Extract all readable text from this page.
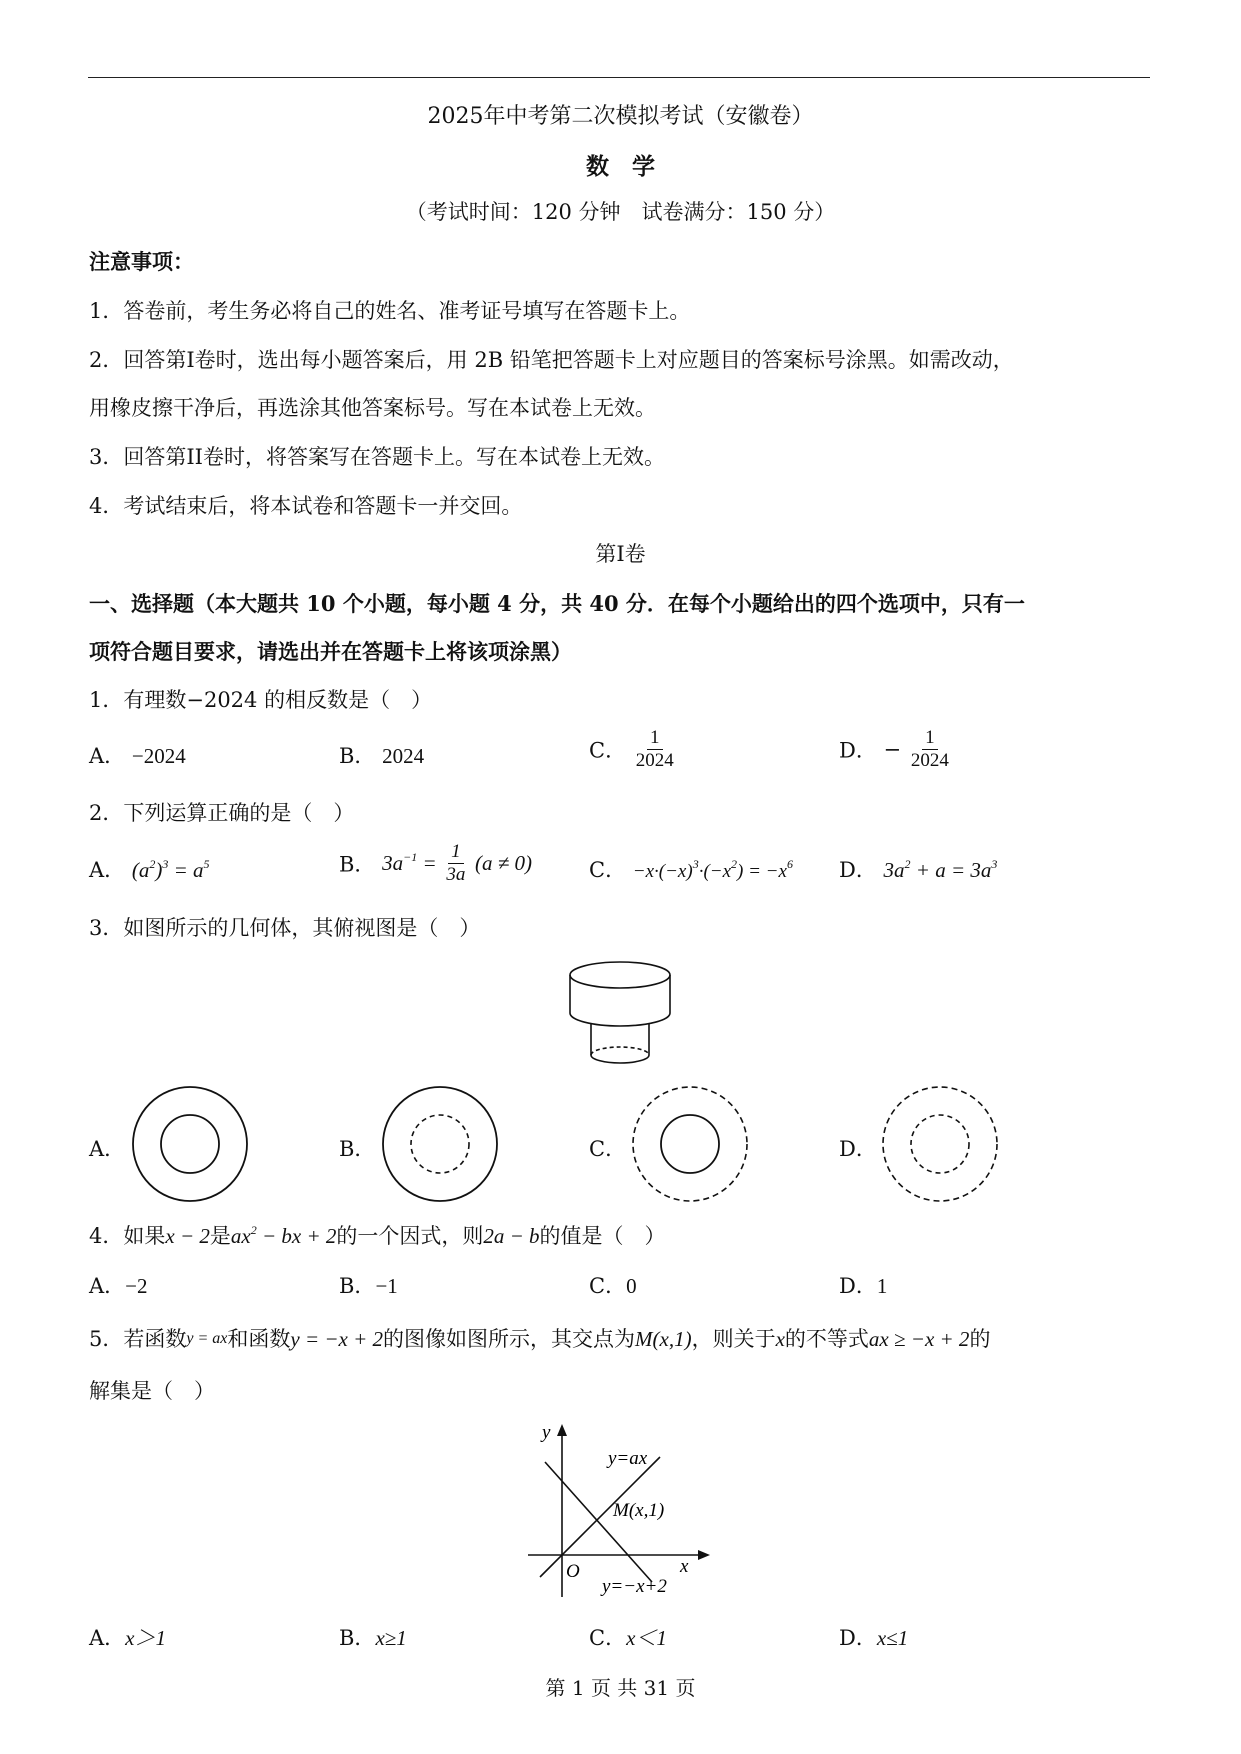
2025年中考第二次模拟考试（安徽卷）
数　学
（考试时间：120 分钟　试卷满分：150 分）
注意事项：
1．答卷前，考生务必将自己的姓名、准考证号填写在答题卡上。
2．回答第I卷时，选出每小题答案后，用 2B 铅笔把答题卡上对应题目的答案标号涂黑。如需改动，
用橡皮擦干净后，再选涂其他答案标号。写在本试卷上无效。
3．回答第II卷时，将答案写在答题卡上。写在本试卷上无效。
4．考试结束后，将本试卷和答题卡一并交回。
第I卷
一、选择题（本大题共 10 个小题，每小题 4 分，共 40 分．在每个小题给出的四个选项中，只有一
项符合题目要求，请选出并在答题卡上将该项涂黑）
1．有理数−2024 的相反数是（　）
A． −2024	B． 2024	C． $\frac{1}{2024}$	D． − $\frac{1}{2024}$
2．下列运算正确的是（　）
A． $(a^2)^3 = a^5$	B． $3a^{-1} = \frac{1}{3a} (a \ne 0)$	C． $-x\cdot(-x)^3\cdot(-x^2) = -x^6$ D． $3a^2 + a = 3a^3$
3．如图所示的几何体，其俯视图是（　）
A．	B．	C．	D．
4．如果x − 2是$ax^2$ − bx + 2的一个因式，则2a − b的值是（　）
A．−2	B．−1	C．0	D．1
5．若函数y = ax和函数y = −x + 2的图像如图所示，其交点为M(x,1)，则关于x的不等式ax ≥ −x + 2的
解集是（　）
y
x
O
y=ax
M(x,1)
y=−x+2
A．x＞1	B．x≥1	C．x＜1	D．x≤1
第 1 页 共 31 页
